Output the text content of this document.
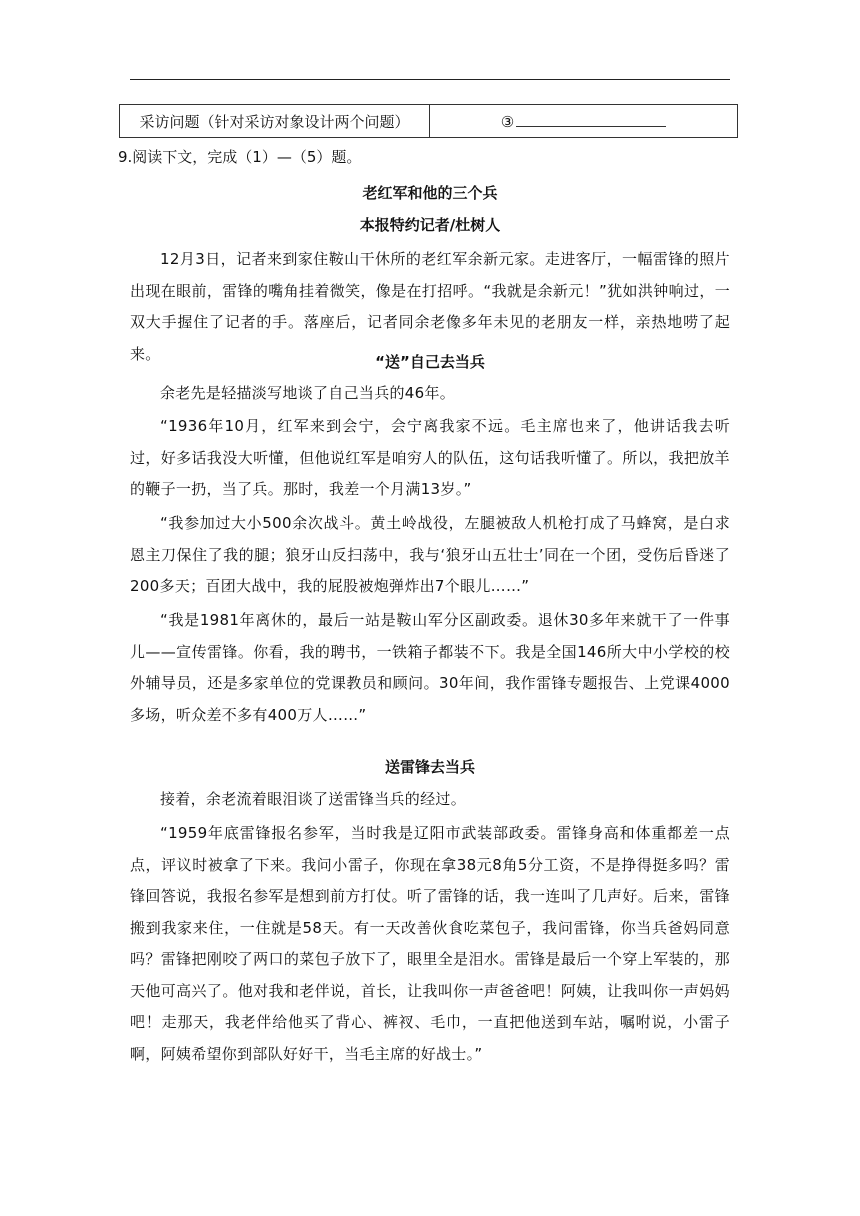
采访问题（针对采访对象设计两个问题）	③
9.阅读下文，完成（1）—（5）题。
老红军和他的三个兵
本报特约记者/杜树人

12月3日，记者来到家住鞍山干休所的老红军余新元家。走进客厅，一幅雷锋的照片出现在眼前，雷锋的嘴角挂着微笑，像是在打招呼。“我就是余新元！”犹如洪钟响过，一双大手握住了记者的手。落座后，记者同余老像多年未见的老朋友一样，亲热地唠了起来。	“送”自己去当兵

余老先是轻描淡写地谈了自己当兵的46年。

“1936年10月，红军来到会宁，会宁离我家不远。毛主席也来了，他讲话我去听过，好多话我没大听懂，但他说红军是咱穷人的队伍，这句话我听懂了。所以，我把放羊的鞭子一扔，当了兵。那时，我差一个月满13岁。”

“我参加过大小500余次战斗。黄土岭战役，左腿被敌人机枪打成了马蜂窝，是白求恩主刀保住了我的腿；狼牙山反扫荡中，我与‘狼牙山五壮士’同在一个团，受伤后昏迷了200多天；百团大战中，我的屁股被炮弹炸出7个眼儿……”

“我是1981年离休的，最后一站是鞍山军分区副政委。退休30多年来就干了一件事儿——宣传雷锋。你看，我的聘书，一铁箱子都装不下。我是全国146所大中小学校的校外辅导员，还是多家单位的党课教员和顾问。30年间，我作雷锋专题报告、上党课4000多场，听众差不多有400万人……”

送雷锋去当兵

接着，余老流着眼泪谈了送雷锋当兵的经过。

“1959年底雷锋报名参军，当时我是辽阳市武装部政委。雷锋身高和体重都差一点点，评议时被拿了下来。我问小雷子，你现在拿38元8角5分工资，不是挣得挺多吗？雷锋回答说，我报名参军是想到前方打仗。听了雷锋的话，我一连叫了几声好。后来，雷锋搬到我家来住，一住就是58天。有一天改善伙食吃菜包子，我问雷锋，你当兵爸妈同意吗？雷锋把刚咬了两口的菜包子放下了，眼里全是泪水。雷锋是最后一个穿上军装的，那天他可高兴了。他对我和老伴说，首长，让我叫你一声爸爸吧！阿姨，让我叫你一声妈妈吧！走那天，我老伴给他买了背心、裤衩、毛巾，一直把他送到车站，嘱咐说，小雷子啊，阿姨希望你到部队好好干，当毛主席的好战士。”
